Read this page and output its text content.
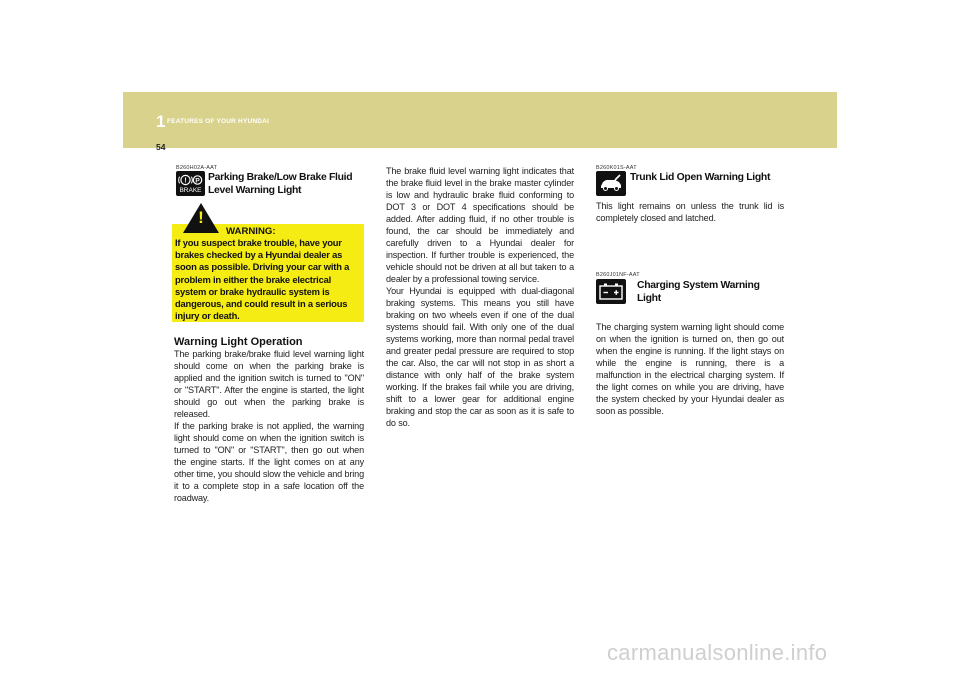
1 FEATURES OF YOUR HYUNDAI
54
B260H02A-AAT
! P
BRAKE
Parking Brake/Low Brake Fluid
Level Warning Light
!
WARNING:
If you suspect brake trouble, have your brakes checked by a Hyundai dealer as soon as possible. Driving your car with a problem in either the brake electrical system or brake hydraulic system is dangerous, and could result in a serious injury or death.
Warning Light Operation

The parking brake/brake fluid level warning light should come on when the parking brake is applied and the ignition switch is turned to "ON" or "START". After the engine is started, the light should go out when the parking brake is released.

If the parking brake is not applied, the warning light should come on when the ignition switch is turned to "ON" or "START", then go out when the engine starts. If the light comes on at any other time, you should slow the vehicle and bring it to a complete stop in a safe location off the roadway.

The brake fluid level warning light indicates that the brake fluid level in the brake master cylinder is low and hydraulic brake fluid conforming to DOT 3 or DOT 4 specifications should be added. After adding fluid, if no other trouble is found, the car should be immediately and carefully driven to a Hyundai dealer for inspection. If further trouble is experienced, the vehicle should not be driven at all but taken to a dealer by a professional towing service.

Your Hyundai is equipped with dual-diagonal braking systems. This means you still have braking on two wheels even if one of the dual systems should fail. With only one of the dual systems working, more than normal pedal travel and greater pedal pressure are required to stop the car. Also, the car will not stop in as short a distance with only half of the brake system working. If the brakes fail while you are driving, shift to a lower gear for additional engine braking and stop the car as soon as it is safe to do so.

B260K01S-AAT
Trunk Lid Open Warning Light
This light remains on unless the trunk lid is completely closed and latched.
B260J01NF-AAT
Charging System Warning
Light
The charging system warning light should come on when the ignition is turned on, then go out when the engine is running. If the light stays on while the engine is running, there is a malfunction in the electrical charging system. If the light comes on while you are driving, have the system checked by your Hyundai dealer as soon as possible.
carmanualsonline.info
